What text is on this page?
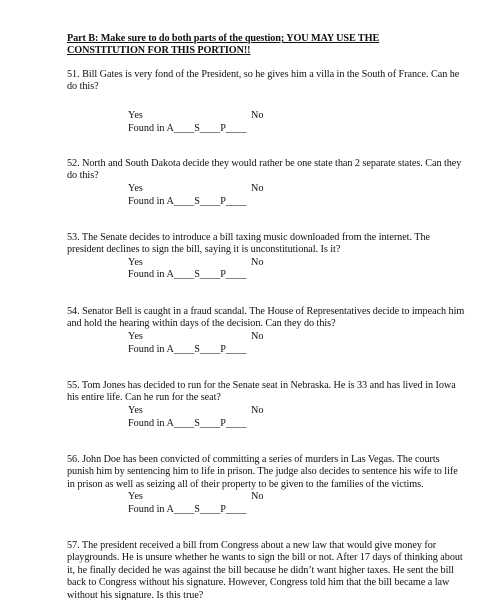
Part B: Make sure to do both parts of the question; YOU MAY USE THE
CONSTITUTION FOR THIS PORTION!!

51. Bill Gates is very fond of the President, so he gives him a villa in the South of France. Can he do this?

Yes	No
Found in A____S____P____

52. North and South Dakota decide they would rather be one state than 2 separate states. Can they do this?

Yes	No
Found in A____S____P____

53. The Senate decides to introduce a bill taxing music downloaded from the internet. The president declines to sign the bill, saying it is unconstitutional. Is it?

Yes	No
Found in A____S____P____

54. Senator Bell is caught in a fraud scandal. The House of Representatives decide to impeach him and hold the hearing within days of the decision. Can they do this?

Yes	No
Found in A____S____P____

55. Tom Jones has decided to run for the Senate seat in Nebraska. He is 33 and has lived in Iowa his entire life. Can he run for the seat?

Yes	No
Found in A____S____P____

56. John Doe has been convicted of committing a series of murders in Las Vegas. The courts punish him by sentencing him to life in prison. The judge also decides to sentence his wife to life in prison as well as seizing all of their property to be given to the families of the victims.

Yes	No
Found in A____S____P____

57. The president received a bill from Congress about a new law that would give money for playgrounds. He is unsure whether he wants to sign the bill or not. After 17 days of thinking about it, he finally decided he was against the bill because he didn’t want higher taxes. He sent the bill back to Congress without his signature. However, Congress told him that the bill became a law without his signature. Is this true?
